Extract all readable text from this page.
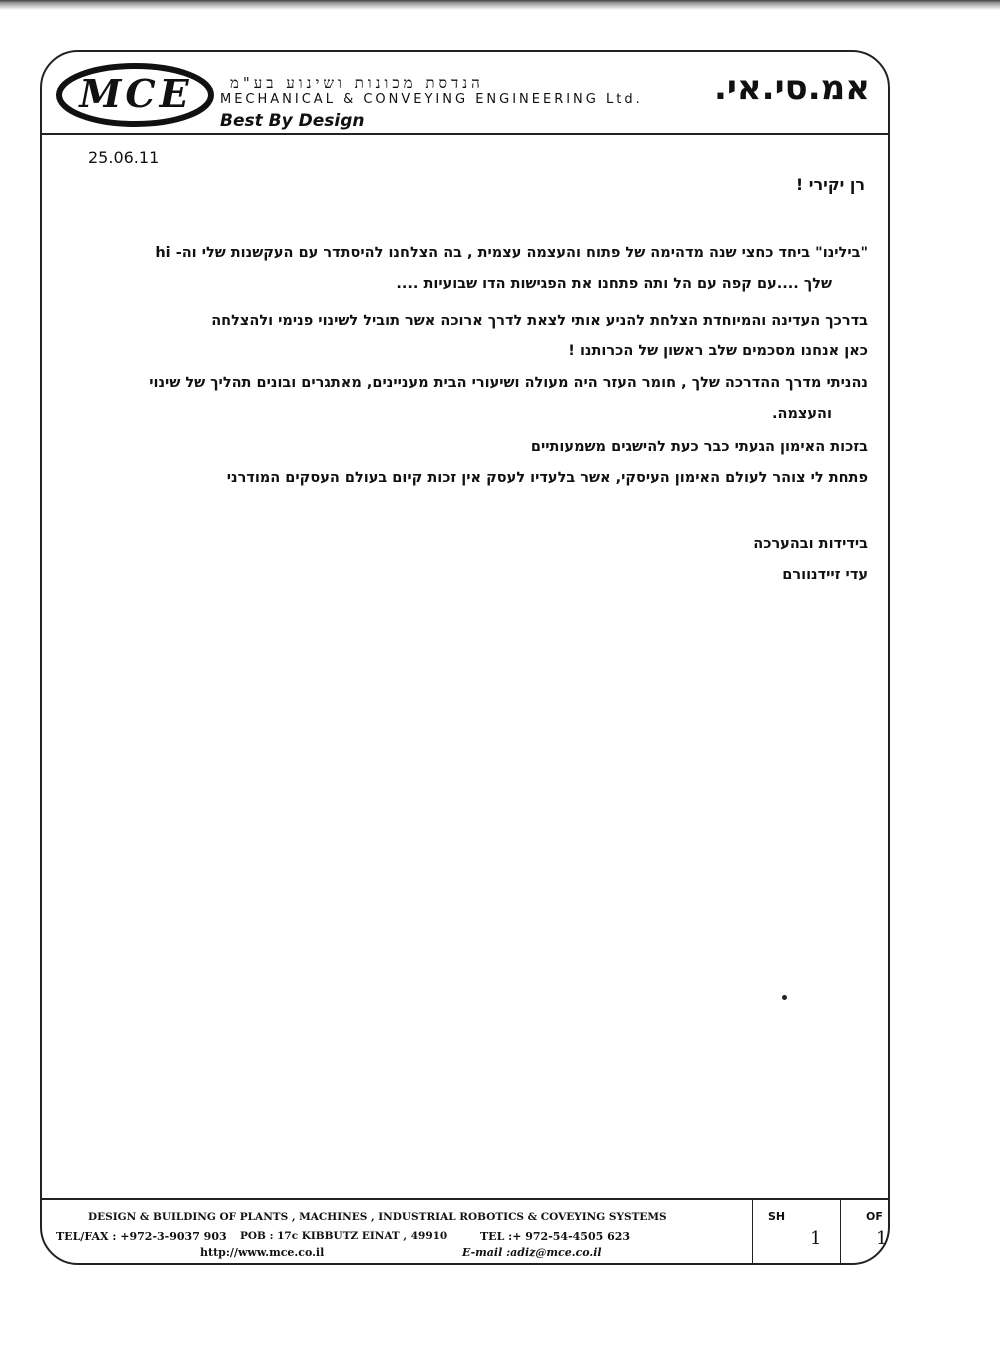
MCE	הנדסת מכונות ושינוע בע"מ
MECHANICAL & CONVEYING ENGINEERING Ltd.	אמ.סי.אי.
Best By Design
25.06.11
רן יקירי !
"בילינו" ביחד כחצי שנה מדהימה של פתוח והעצמה עצמית , בה הצלחנו להיסתדר עם העקשנות שלי וה- hi
שלך ....עם קפה עם הל ותה פתחנו את הפגישות הדו שבועיות ....
בדרכך העדינה והמיוחדת הצלחת להניע אותי לצאת לדרך ארוכה אשר תוביל לשינוי פנימי ולהצלחה
כאן אנחנו מסכמים שלב ראשון של הכרותנו !
נהניתי מדרך ההדרכה שלך , חומר העזר היה מעולה ושיעורי הבית מעניינים, מאתגרים ובונים תהליך של שינוי
והעצמה.
בזכות האימון הגעתי כבר כעת להישגים משמעותיים
פתחת לי צוהר לעולם האימון העיסקי, אשר בלעדיו לעסק אין זכות קיום בעולם העסקים המודרני
בידידות ובהערכה
עדי זיידנוורם
DESIGN & BUILDING OF PLANTS , MACHINES , INDUSTRIAL ROBOTICS & COVEYING SYSTEMS
TEL/FAX : +972-3-9037 903 POB : 17c KIBBUTZ EINAT , 49910	TEL :+ 972-54-4505 623
http://www.mce.co.il	E-mail :adiz@mce.co.il
SH
1
OF
1
